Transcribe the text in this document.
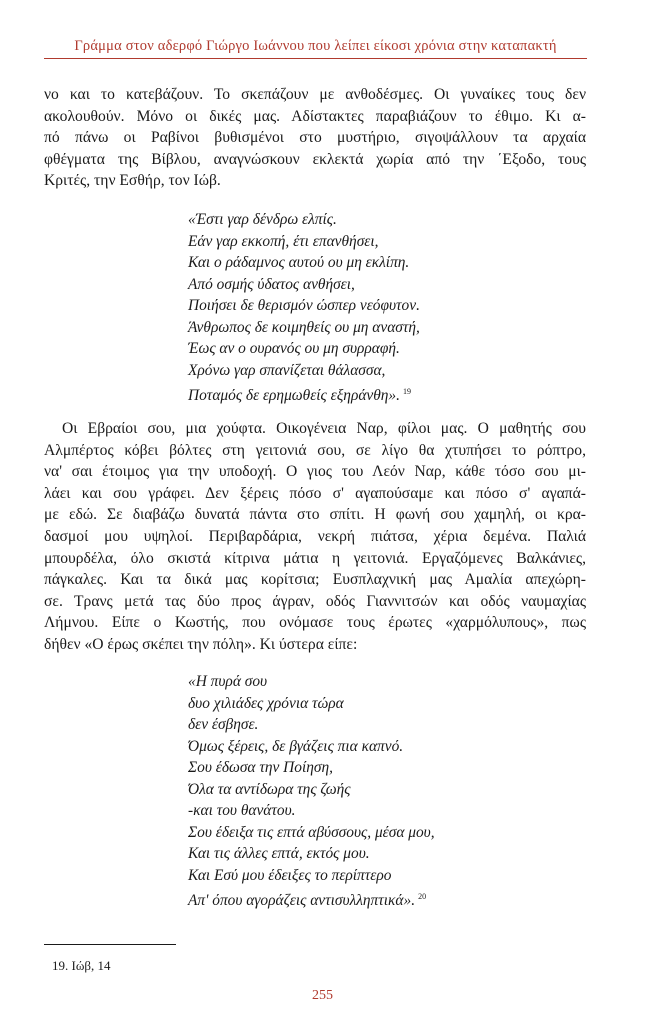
Γράμμα στον αδερφό Γιώργο Ιωάννου που λείπει είκοσι χρόνια στην καταπακτή
νο και το κατεβάζουν. Το σκεπάζουν με ανθοδέσμες. Οι γυναίκες τους δεν
ακολουθούν. Μόνο οι δικές μας. Αδίστακτες παραβιάζουν το έθιμο. Κι α-
πό πάνω οι Ραβίνοι βυθισμένοι στο μυστήριο, σιγοψάλλουν τα αρχαία
φθέγματα της Βίβλου, αναγνώσκουν εκλεκτά χωρία από την ΄Εξοδο, τους
Κριτές, την Εσθήρ, τον Ιώβ.
«Έστι γαρ δένδρω ελπίς.
Εάν γαρ εκκοπή, έτι επανθήσει,
Και ο ράδαμνος αυτού ου μη εκλίπη.
Από οσμής ύδατος ανθήσει,
Ποιήσει δε θερισμόν ώσπερ νεόφυτον.
Άνθρωπος δε κοιμηθείς ου μη αναστή,
Έως αν ο ουρανός ου μη συρραφή.
Χρόνω γαρ σπανίζεται θάλασσα,
Ποταμός δε ερημωθείς εξηράνθη». $^{19}$
Οι Εβραίοι σου, μια χούφτα. Οικογένεια Ναρ, φίλοι μας. Ο μαθητής σου
Αλμπέρτος κόβει βόλτες στη γειτονιά σου, σε λίγο θα χτυπήσει το ρόπτρο,
να' σαι έτοιμος για την υποδοχή. Ο γιος του Λεόν Ναρ, κάθε τόσο σου μι-
λάει και σου γράφει. Δεν ξέρεις πόσο σ' αγαπούσαμε και πόσο σ' αγαπά-
με εδώ. Σε διαβάζω δυνατά πάντα στο σπίτι. Η φωνή σου χαμηλή, οι κρα-
δασμοί μου υψηλοί. Περιβαρδάρια, νεκρή πιάτσα, χέρια δεμένα. Παλιά
μπουρδέλα, όλο σκιστά κίτρινα μάτια η γειτονιά. Εργαζόμενες Βαλκάνιες,
πάγκαλες. Και τα δικά μας κορίτσια; Ευσπλαχνική μας Αμαλία απεχώρη-
σε. Τρανς μετά τας δύο προς άγραν, οδός Γιαννιτσών και οδός ναυμαχίας
Λήμνου. Είπε ο Κωστής, που ονόμασε τους έρωτες «χαρμόλυπους», πως
δήθεν «Ο έρως σκέπει την πόλη». Κι ύστερα είπε:
«Η πυρά σου
δυο χιλιάδες χρόνια τώρα
δεν έσβησε.
Όμως ξέρεις, δε βγάζεις πια καπνό.
Σου έδωσα την Ποίηση,
Όλα τα αντίδωρα της ζωής
-και του θανάτου.
Σου έδειξα τις επτά αβύσσους, μέσα μου,
Και τις άλλες επτά, εκτός μου.
Και Εσύ μου έδειξες το περίπτερο
Απ' όπου αγοράζεις αντισυλληπτικά». $^{20}$
19. Ιώβ, 14
255
